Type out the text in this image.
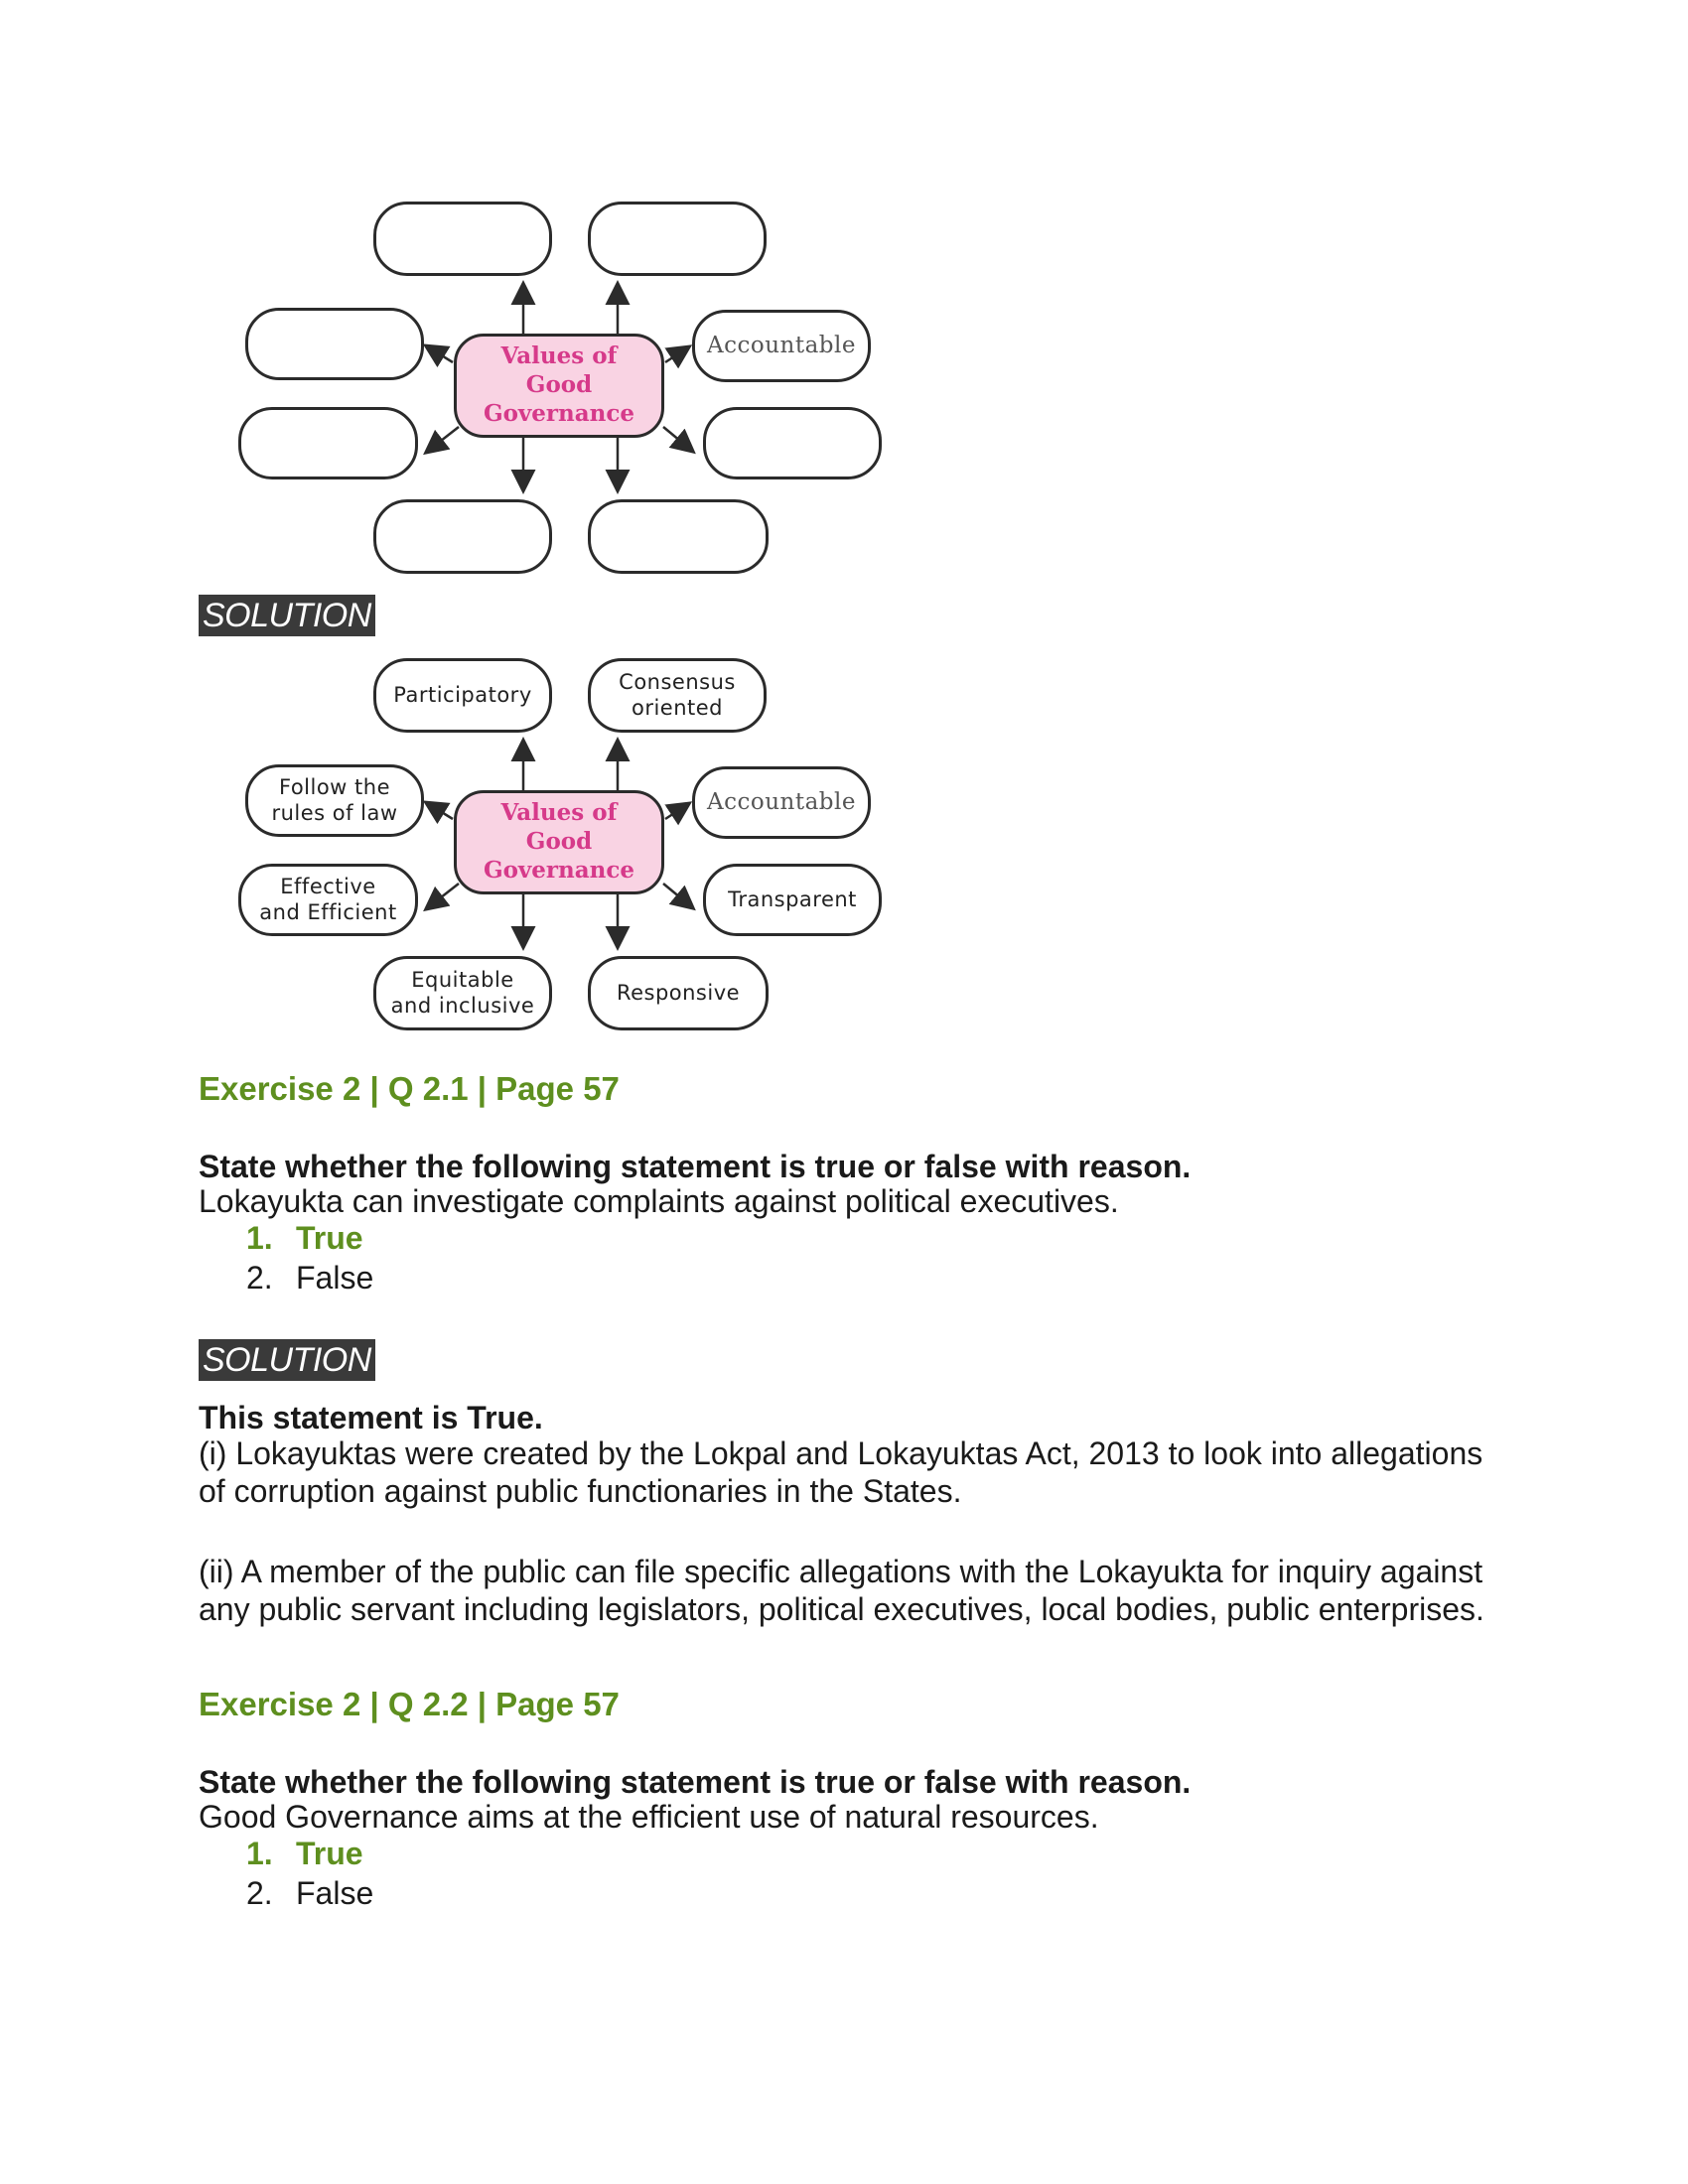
Values of
Good
Governance
Accountable
SOLUTION
Values of
Good
Governance
Participatory
Consensus
oriented
Follow the
rules of law	Accountable
Effective
and Efficient
Transparent
Equitable
and inclusive
Responsive
Exercise 2 | Q 2.1 | Page 57
State whether the following statement is true or false with reason.
Lokayukta can investigate complaints against political executives.
1. True
2. False
SOLUTION
This statement is True.
(i) Lokayuktas were created by the Lokpal and Lokayuktas Act, 2013 to look into allegations of corruption against public functionaries in the States.
(ii) A member of the public can file specific allegations with the Lokayukta for inquiry against any public servant including legislators, political executives, local bodies, public enterprises.
Exercise 2 | Q 2.2 | Page 57
State whether the following statement is true or false with reason.
Good Governance aims at the efficient use of natural resources.
1. True
2. False
